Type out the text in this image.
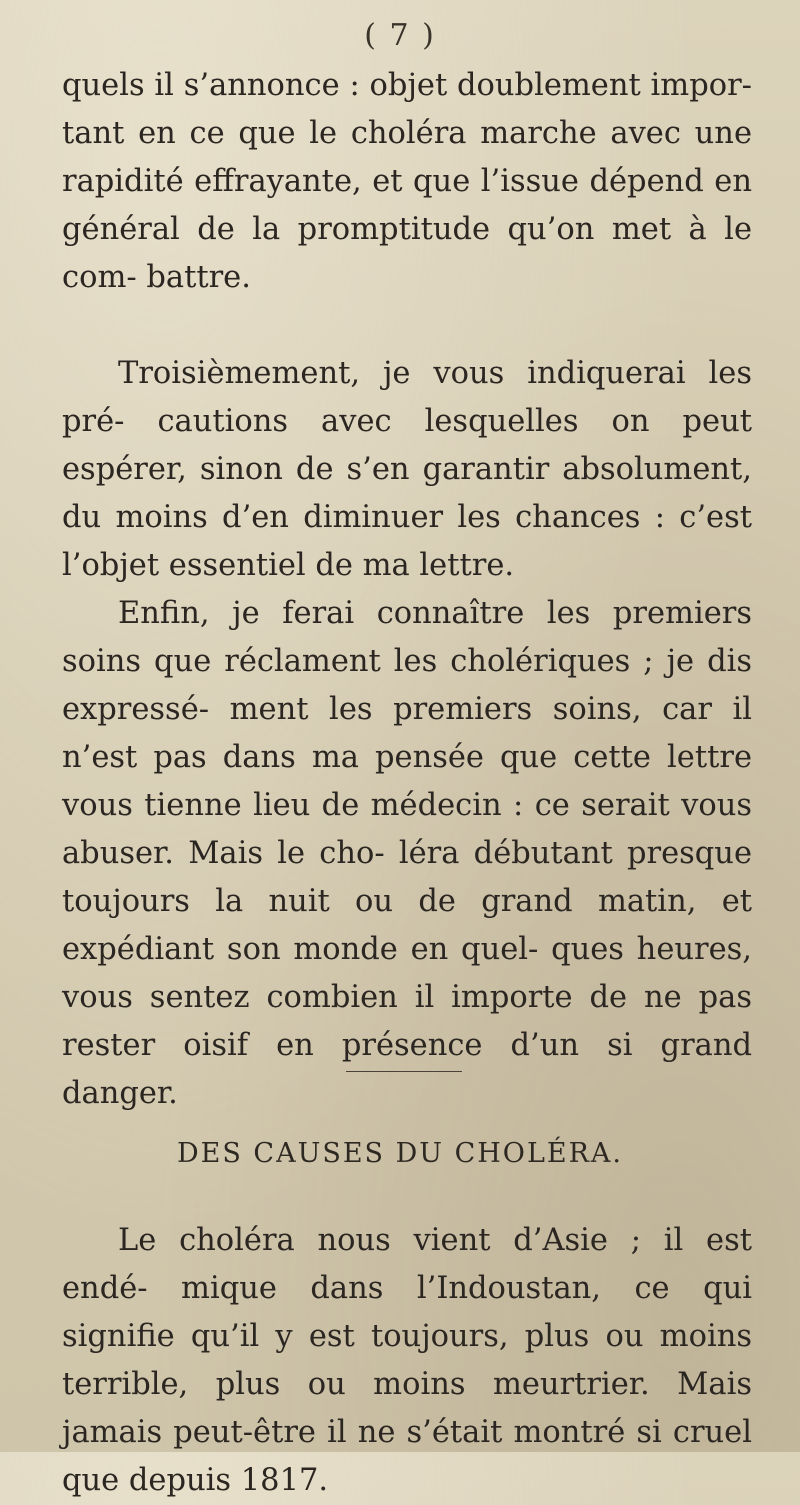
( 7 )

quels il s’annonce : objet doublement impor- tant en ce que le choléra marche avec une rapidité effrayante, et que l’issue dépend en général de la promptitude qu’on met à le com- battre.

Troisièmement, je vous indiquerai les pré- cautions avec lesquelles on peut espérer, sinon de s’en garantir absolument, du moins d’en diminuer les chances : c’est l’objet essentiel de ma lettre.

Enfin, je ferai connaître les premiers soins que réclament les cholériques ; je dis expressé- ment les premiers soins, car il n’est pas dans ma pensée que cette lettre vous tienne lieu de médecin : ce serait vous abuser. Mais le cho- léra débutant presque toujours la nuit ou de grand matin, et expédiant son monde en quel- ques heures, vous sentez combien il importe de ne pas rester oisif en présence d’un si grand danger.

DES CAUSES DU CHOLÉRA.

Le choléra nous vient d’Asie ; il est endé- mique dans l’Indoustan, ce qui signifie qu’il y est toujours, plus ou moins terrible, plus ou moins meurtrier. Mais jamais peut-être il ne s’était montré si cruel que depuis 1817.
